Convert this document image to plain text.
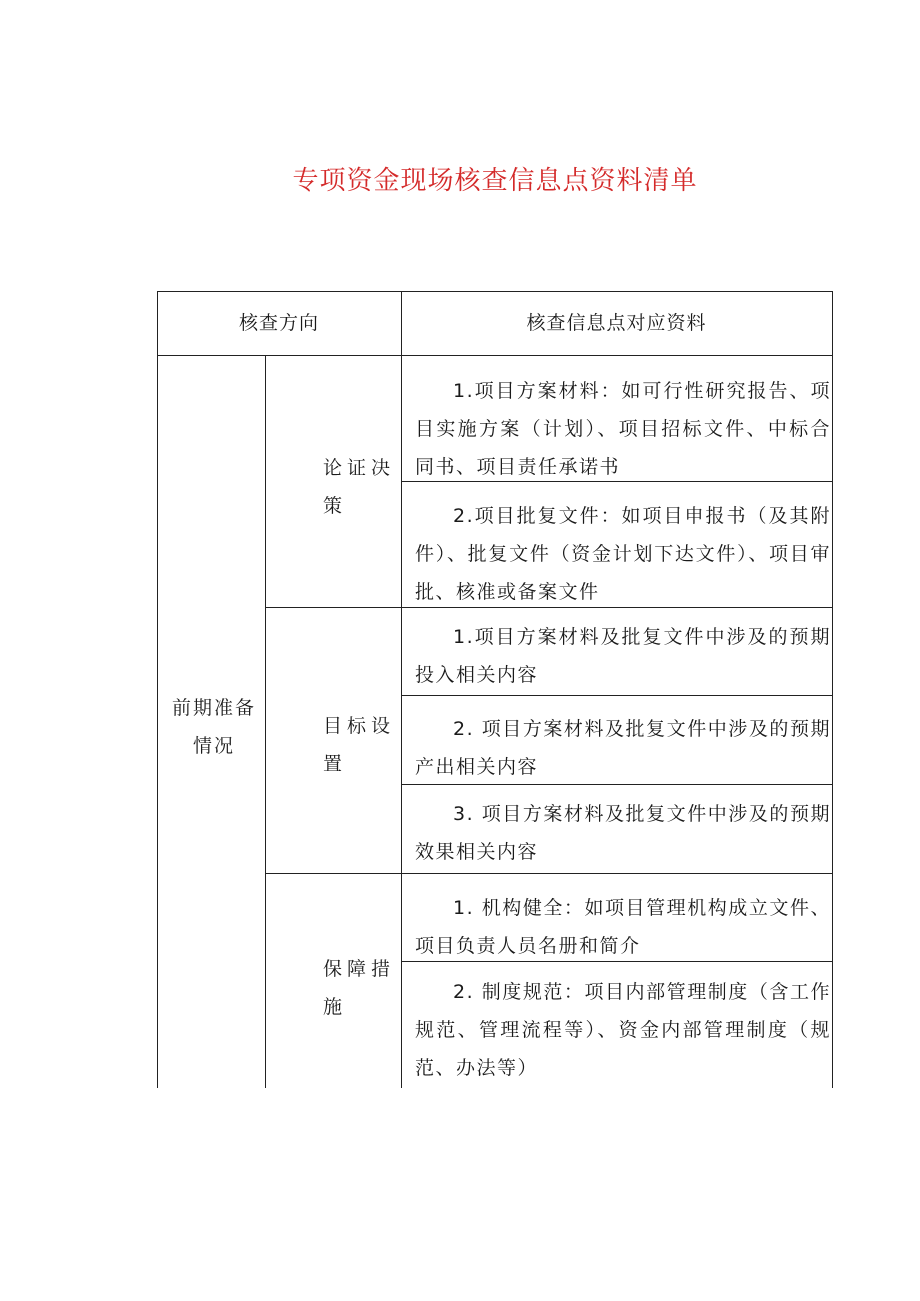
专项资金现场核查信息点资料清单
核查方向	核查信息点对应资料
前期准备情况
论证决策
目标设置
保障措施
1.项目方案材料：如可行性研究报告、项目实施方案（计划）、项目招标文件、中标合同书、项目责任承诺书
2.项目批复文件：如项目申报书（及其附件）、批复文件（资金计划下达文件）、项目审批、核准或备案文件
1.项目方案材料及批复文件中涉及的预期投入相关内容
2. 项目方案材料及批复文件中涉及的预期产出相关内容
3. 项目方案材料及批复文件中涉及的预期效果相关内容
1. 机构健全：如项目管理机构成立文件、项目负责人员名册和简介
2. 制度规范：项目内部管理制度（含工作规范、管理流程等）、资金内部管理制度（规范、办法等）
